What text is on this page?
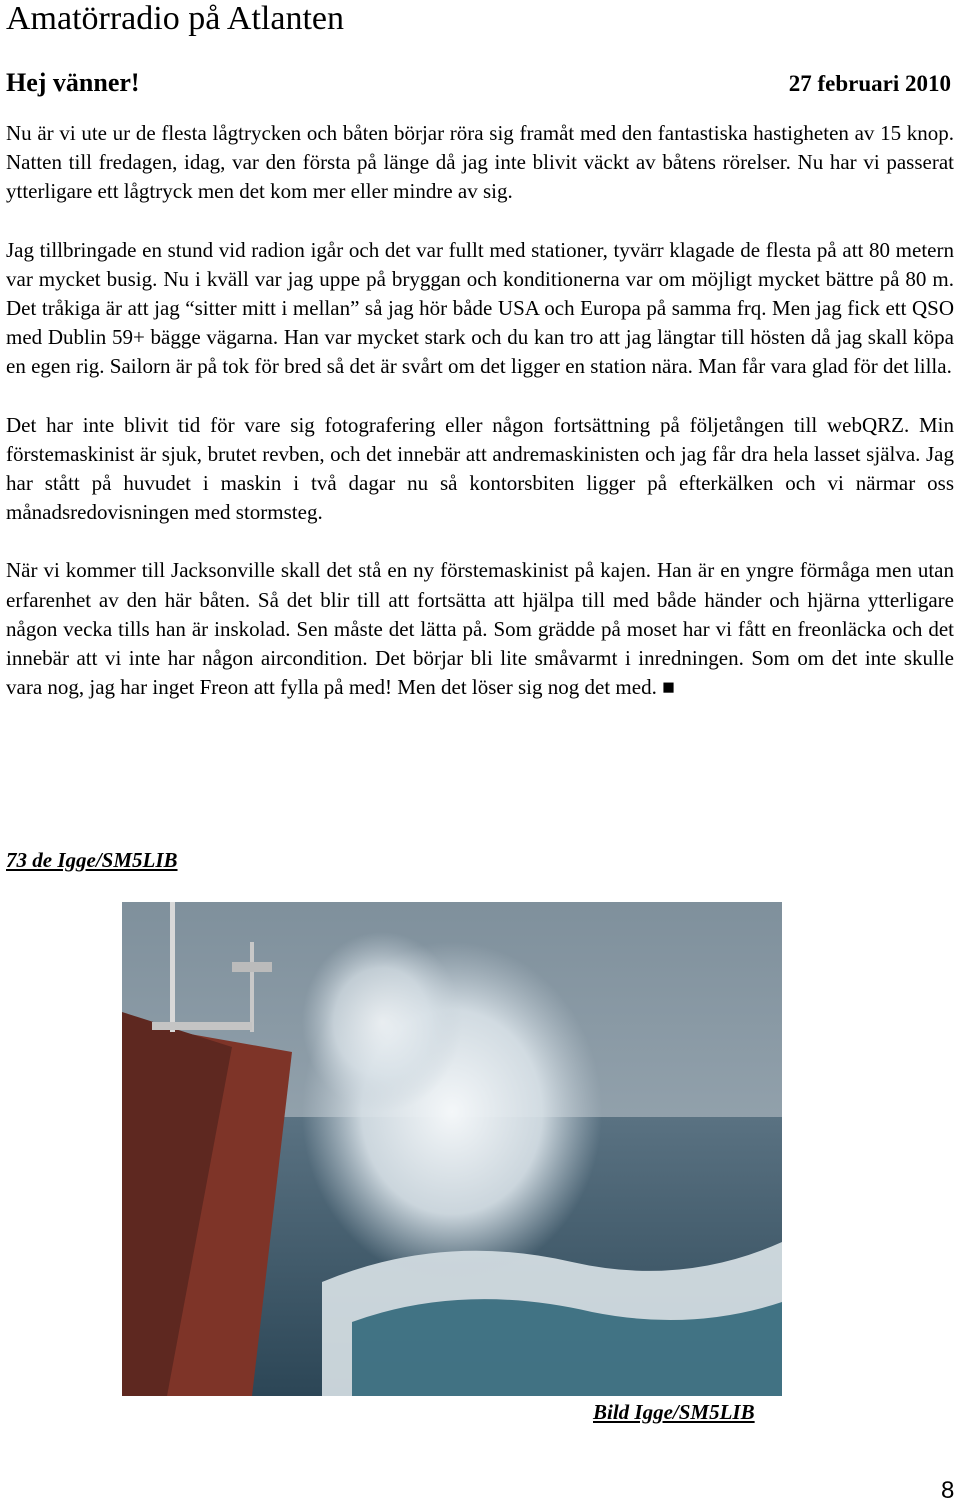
Amatörradio på Atlanten
Hej vänner!	27 februari 2010

Nu är vi ute ur de flesta lågtrycken och båten börjar röra sig framåt med den fantastiska hastigheten av 15 knop. Natten till fredagen, idag, var den första på länge då jag inte blivit väckt av båtens rörelser. Nu har vi passerat ytterligare ett lågtryck men det kom mer eller mindre av sig.

Jag tillbringade en stund vid radion igår och det var fullt med stationer, tyvärr klagade de flesta på att 80 metern var mycket busig. Nu i kväll var jag uppe på bryggan och konditionerna var om möjligt mycket bättre på 80 m. Det tråkiga är att jag “sitter mitt i mellan” så jag hör både USA och Europa på samma frq. Men jag fick ett QSO med Dublin 59+ bägge vägarna. Han var mycket stark och du kan tro att jag längtar till hösten då jag skall köpa en egen rig. Sailorn är på tok för bred så det är svårt om det ligger en station nära. Man får vara glad för det lilla.

Det har inte blivit tid för vare sig fotografering eller någon fortsättning på följetången till webQRZ. Min förstemaskinist är sjuk, brutet revben, och det innebär att andremaskinisten och jag får dra hela lasset själva. Jag har stått på huvudet i maskin i två dagar nu så kontorsbiten ligger på efterkälken och vi närmar oss månadsredovisningen med stormsteg.

När vi kommer till Jacksonville skall det stå en ny förstemaskinist på kajen. Han är en yngre förmåga men utan erfarenhet av den här båten. Så det blir till att fortsätta att hjälpa till med både händer och hjärna ytterligare någon vecka tills han är inskolad. Sen måste det lätta på. Som grädde på moset har vi fått en freonläcka och det innebär att vi inte har någon aircondition. Det börjar bli lite småvarmt i inredningen. Som om det inte skulle vara nog, jag har inget Freon att fylla på med! Men det löser sig nog det med. ■

73 de Igge/SM5LIB
Bild Igge/SM5LIB
8
